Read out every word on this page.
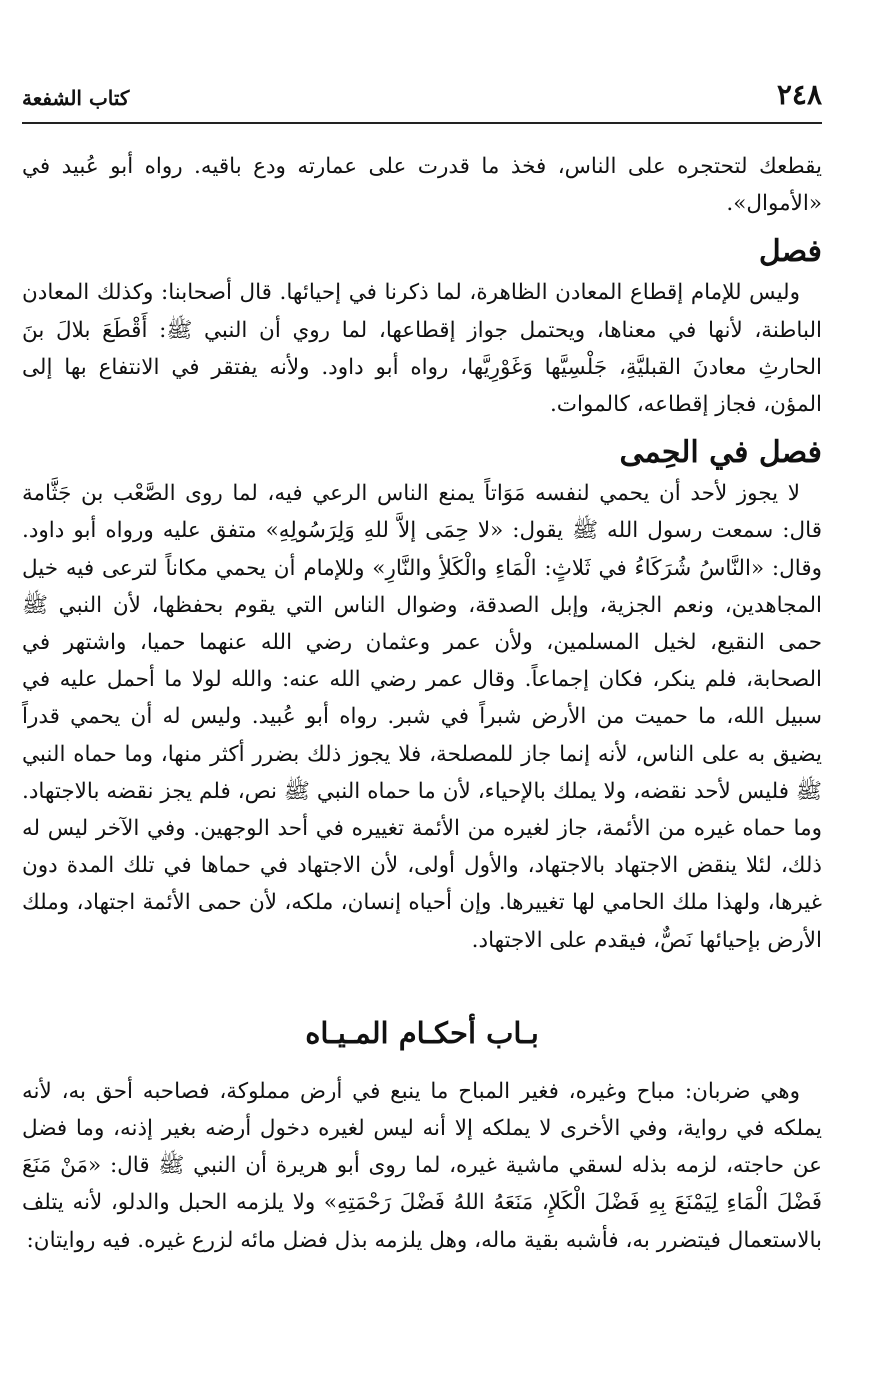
٢٤٨
كتاب الشفعة

يقطعك لتحتجره على الناس، فخذ ما قدرت على عمارته ودع باقيه. رواه أبو عُبيد في «الأموال».

فصل

وليس للإمام إقطاع المعادن الظاهرة، لما ذكرنا في إحيائها. قال أصحابنا: وكذلك المعادن الباطنة، لأنها في معناها، ويحتمل جواز إقطاعها، لما روي أن النبي ﷺ: أَقْطَعَ بلالَ بنَ الحارثِ معادنَ القبليَّةِ، جَلْسِيَّها وَغَوْرِيَّها، رواه أبو داود. ولأنه يفتقر في الانتفاع بها إلى المؤن، فجاز إقطاعه، كالموات.

فصل في الحِمى

لا يجوز لأحد أن يحمي لنفسه مَوَاتاً يمنع الناس الرعي فيه، لما روى الصَّعْب بن جَثَّامة قال: سمعت رسول الله ﷺ يقول: «لا حِمَى إلاَّ للهِ وَلِرَسُولِهِ» متفق عليه ورواه أبو داود. وقال: «النَّاسُ شُرَكَاءُ في ثَلاثٍ: الْمَاءِ والْكَلأِ والنَّارِ» وللإمام أن يحمي مكاناً لترعى فيه خيل المجاهدين، ونعم الجزية، وإبل الصدقة، وضوال الناس التي يقوم بحفظها، لأن النبي ﷺ حمى النقيع، لخيل المسلمين، ولأن عمر وعثمان رضي الله عنهما حميا، واشتهر في الصحابة، فلم ينكر، فكان إجماعاً. وقال عمر رضي الله عنه: والله لولا ما أحمل عليه في سبيل الله، ما حميت من الأرض شبراً في شبر. رواه أبو عُبيد. وليس له أن يحمي قدراً يضيق به على الناس، لأنه إنما جاز للمصلحة، فلا يجوز ذلك بضرر أكثر منها، وما حماه النبي ﷺ فليس لأحد نقضه، ولا يملك بالإحياء، لأن ما حماه النبي ﷺ نص، فلم يجز نقضه بالاجتهاد. وما حماه غيره من الأئمة، جاز لغيره من الأئمة تغييره في أحد الوجهين. وفي الآخر ليس له ذلك، لئلا ينقض الاجتهاد بالاجتهاد، والأول أولى، لأن الاجتهاد في حماها في تلك المدة دون غيرها، ولهذا ملك الحامي لها تغييرها. وإن أحياه إنسان، ملكه، لأن حمى الأئمة اجتهاد، وملك الأرض بإحيائها نَصٌّ، فيقدم على الاجتهاد.

بـاب أحكـام المـيـاه

وهي ضربان: مباح وغيره، فغير المباح ما ينبع في أرض مملوكة، فصاحبه أحق به، لأنه يملكه في رواية، وفي الأخرى لا يملكه إلا أنه ليس لغيره دخول أرضه بغير إذنه، وما فضل عن حاجته، لزمه بذله لسقي ماشية غيره، لما روى أبو هريرة أن النبي ﷺ قال: «مَنْ مَنَعَ فَضْلَ الْمَاءِ لِيَمْنَعَ بِهِ فَضْلَ الْكَلإِ، مَنَعَهُ اللهُ فَضْلَ رَحْمَتِهِ» ولا يلزمه الحبل والدلو، لأنه يتلف بالاستعمال فيتضرر به، فأشبه بقية ماله، وهل يلزمه بذل فضل مائه لزرع غيره. فيه روايتان:
